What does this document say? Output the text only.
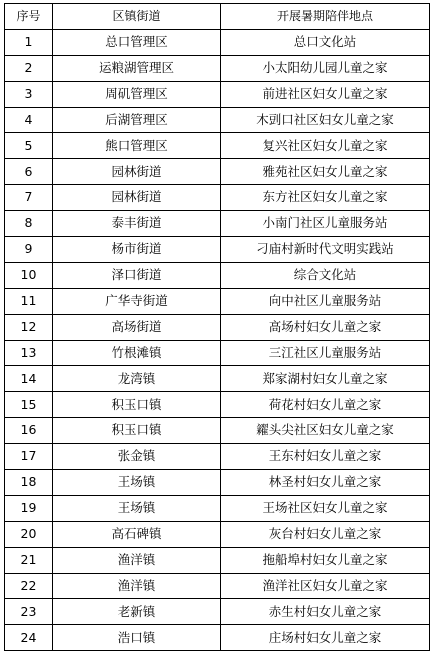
序号	区镇街道	开展暑期陪伴地点
1	总口管理区	总口文化站
2	运粮湖管理区	小太阳幼儿园儿童之家
3	周矶管理区	前进社区妇女儿童之家
4	后湖管理区	木剅口社区妇女儿童之家
5	熊口管理区	复兴社区妇女儿童之家
6	园林街道	雅苑社区妇女儿童之家
7	园林街道	东方社区妇女儿童之家
8	泰丰街道	小南门社区儿童服务站
9	杨市街道	刁庙村新时代文明实践站
10	泽口街道	综合文化站
11	广华寺街道	向中社区儿童服务站
12	高场街道	高场村妇女儿童之家
13	竹根滩镇	三江社区儿童服务站
14	龙湾镇	郑家湖村妇女儿童之家
15	积玉口镇	荷花村妇女儿童之家
16	积玉口镇	糴头尖社区妇女儿童之家
17	张金镇	王东村妇女儿童之家
18	王场镇	林圣村妇女儿童之家
19	王场镇	王场社区妇女儿童之家
20	高石碑镇	灰台村妇女儿童之家
21	渔洋镇	拖船埠村妇女儿童之家
22	渔洋镇	渔洋社区妇女儿童之家
23	老新镇	赤生村妇女儿童之家
24	浩口镇	庄场村妇女儿童之家
